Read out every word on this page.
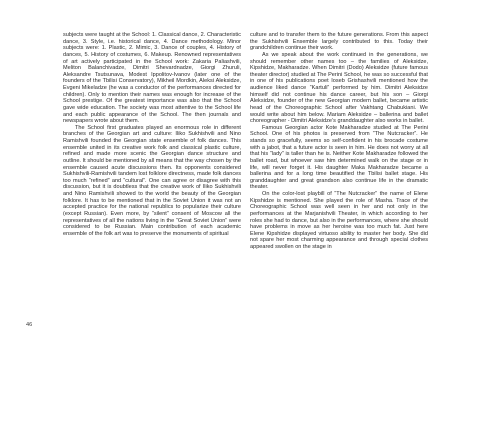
46

subjects were taught at the School: 1. Classical dance, 2. Characteristic dance, 3. Style, i.e. historical dance, 4. Dance methodology. Minor subjects were: 1. Plastic, 2. Mimic, 3. Dance of couples, 4. History of dances, 5. History of costumes, 6. Makeup. Renowned representatives of art actively participated in the School work: Zakaria Paliashvili, Meliton Balanchivadze, Dimitri Shevardnadze, Giorgi Zhuruli, Aleksandre Tsutsunava, Modest Ippolitov-Ivanov (later one of the founders of the Tbilisi Conservatory), Mikheil Mordkin, Aleksi Aleksidze, Evgeni Mikeladze (he was a conductor of the performances directed for children). Only to mention their names was enough for increase of the School prestige. Of the greatest importance was also that the School gave wide education. The society was most attentive to the School life and each public appearance of the School. The then journals and newspapers wrote about them.

The School first graduates played an enormous role in different branches of the Georgian art and culture: Iliko Sukhishvili and Nino Ramishvili founded the Georgian state ensemble of folk dances. This ensemble united in its creative work folk and classical plastic culture, refined and made more scenic the Georgian dance structure and outline. It should be mentioned by all means that the way chosen by the ensemble caused acute discussions then. Its opponents considered Sukhishvili-Ramishvili tandem lost folklore directness, made folk dances too much “refined” and “cultural”. One can agree or disagree with this discussion, but it is doubtless that the creative work of Iliko Sukhishvili and Nino Ramishvili showed to the world the beauty of the Georgian folklore. It has to be mentioned that in the Soviet Union it was not an accepted practice for the national republics to popularize their culture (except Russian). Even more, by “silent” consent of Moscow all the representatives of all the nations living in the “Great Soviet Union” were considered to be Russian. Main contribution of each academic ensemble of the folk art was to preserve the monuments of spiritual

culture and to transfer them to the future generations. From this aspect the Sukhishvili Ensemble largely contributed to this. Today their grandchildren continue their work.

As we speak about the work continued in the generations, we should remember other names too – the families of Aleksidze, Kipshidze, Makharadze. When Dimitri (Dodo) Aleksidze (future famous theater director) studied at The Perini School, he was so successful that in one of his publications poet Ioseb Grishashvili mentioned how the audience liked dance “Kartuli” performed by him. Dimitri Aleksidze himself did not continue his dance career, but his son – Giorgi Aleksidze, founder of the new Georgian modern ballet, became artistic head of the Choreographic School after Vakhtang Chabukiani. We would write about him below. Mariam Aleksidze – ballerina and ballet choreographer - Dimitri Aleksidze’s granddaughter also works in ballet.

Famous Georgian actor Kote Makharadze studied at The Perini School. One of his photos is preserved from “The Nutcracker”. He stands so gracefully, seems so self-confident in his brocade costume with a jabot, that a future actor is seen in him. He does not worry at all that his “lady” is taller than he is. Neither Kote Makharadze followed the ballet road, but whoever saw him determined walk on the stage or in life, will never forget it. His daughter Maka Makharadze became a ballerina and for a long time beautified the Tbilisi ballet stage. His granddaughter and great grandson also continue life in the dramatic theater.

On the color-lost playbill of “The Nutcracker” the name of Elene Kipshidze is mentioned. She played the role of Masha. Trace of the Choreographic School was well seen in her and not only in the performances at the Marjanishvili Theater, in which according to her roles she had to dance, but also in the performances, where she should have problems in move as her heroine was too much fat. Just here Elene Kipshidze displayed virtuoso ability to master her body. She did not spare her most charming appearance and through special clothes appeared swollen on the stage in
